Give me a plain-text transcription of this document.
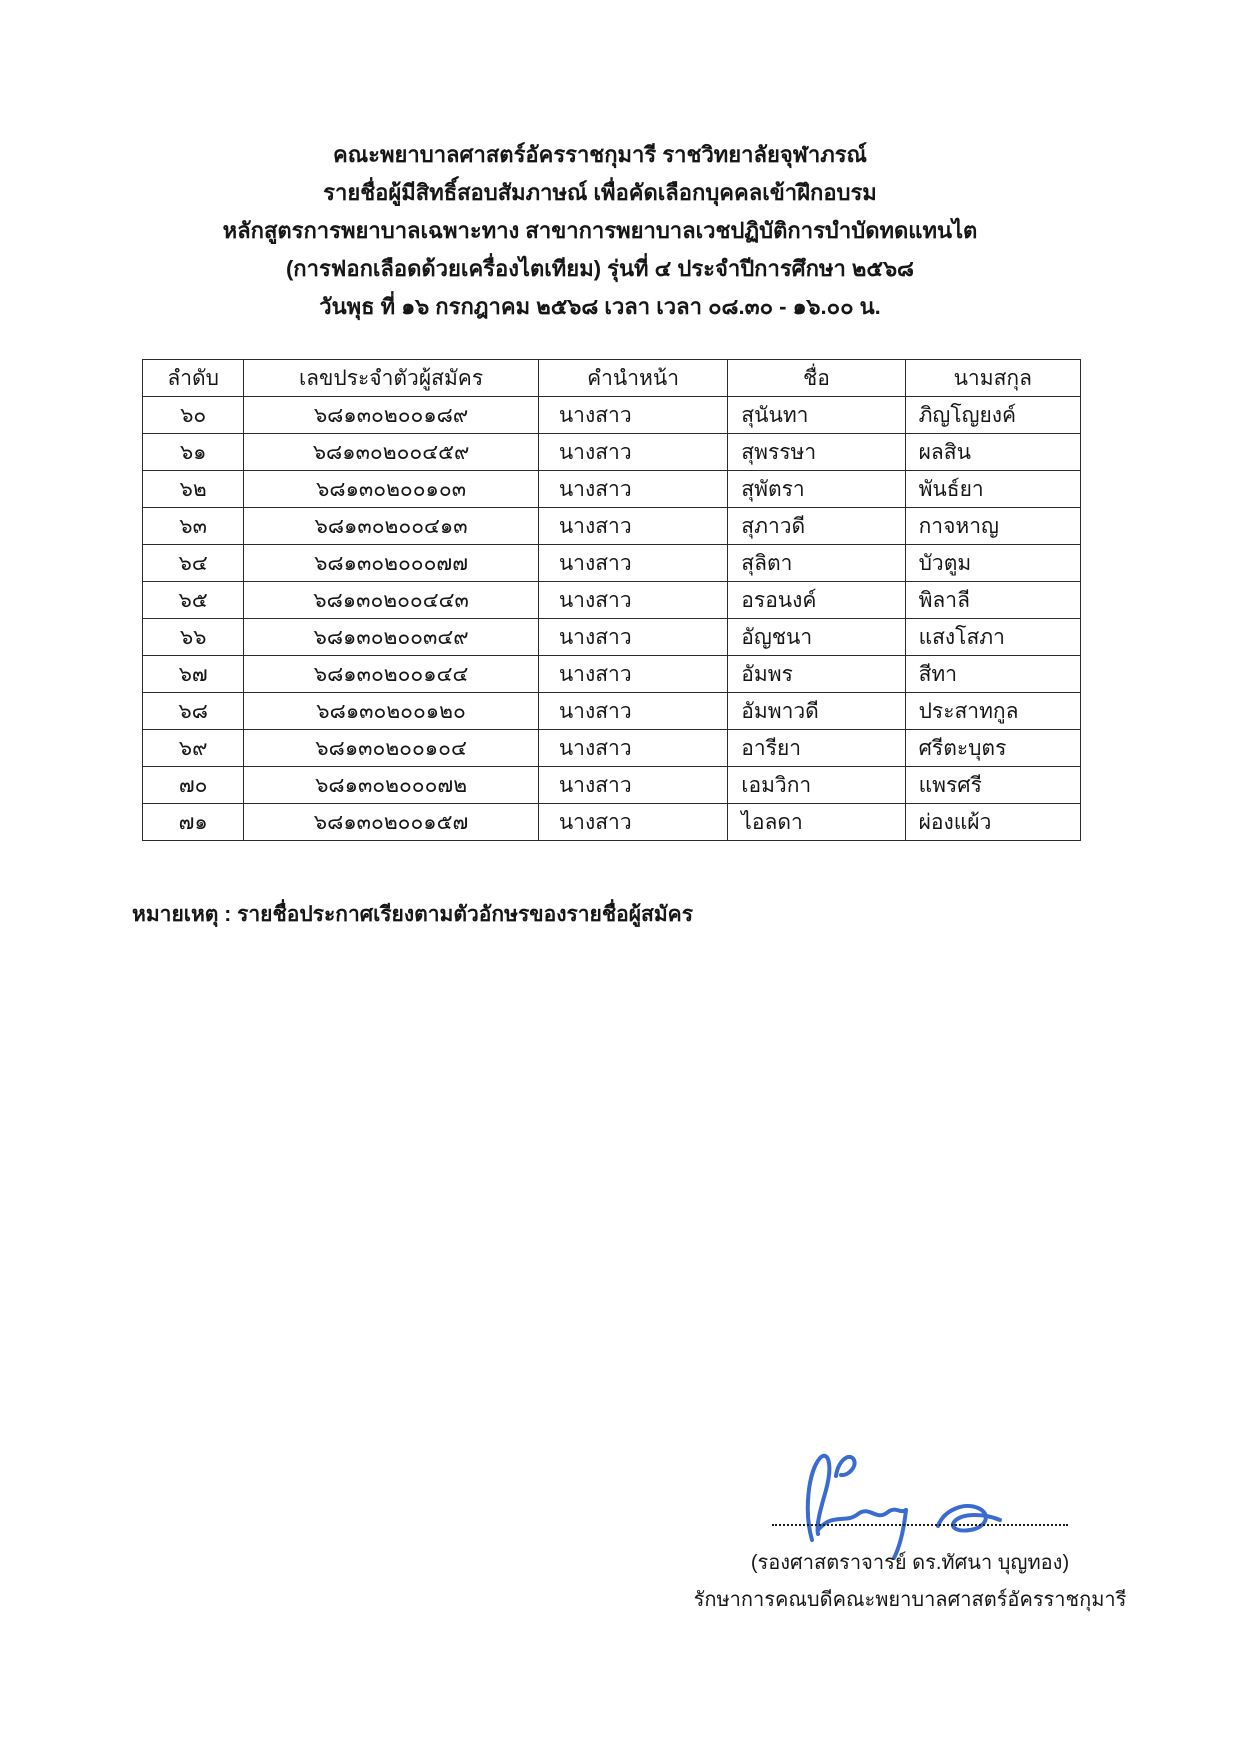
คณะพยาบาลศาสตร์อัครราชกุมารี ราชวิทยาลัยจุฬาภรณ์
รายชื่อผู้มีสิทธิ์สอบสัมภาษณ์ เพื่อคัดเลือกบุคคลเข้าฝึกอบรม
หลักสูตรการพยาบาลเฉพาะทาง สาขาการพยาบาลเวชปฏิบัติการบำบัดทดแทนไต
(การฟอกเลือดด้วยเครื่องไตเทียม) รุ่นที่ ๔ ประจำปีการศึกษา ๒๕๖๘
วันพุธ ที่ ๑๖ กรกฎาคม ๒๕๖๘ เวลา เวลา ๐๘.๓๐ - ๑๖.๐๐ น.
ลำดับ	เลขประจำตัวผู้สมัคร	คำนำหน้า	ชื่อ	นามสกุล
๖๐	๖๘๑๓๐๒๐๐๑๘๙	นางสาว	สุนันทา	ภิญโญยงค์
๖๑	๖๘๑๓๐๒๐๐๔๕๙	นางสาว	สุพรรษา	ผลสิน
๖๒	๖๘๑๓๐๒๐๐๑๐๓	นางสาว	สุพัตรา	พันธ์ยา
๖๓	๖๘๑๓๐๒๐๐๔๑๓	นางสาว	สุภาวดี	กาจหาญ
๖๔	๖๘๑๓๐๒๐๐๐๗๗	นางสาว	สุลิตา	บัวตูม
๖๕	๖๘๑๓๐๒๐๐๔๔๓	นางสาว	อรอนงค์	พิลาลี
๖๖	๖๘๑๓๐๒๐๐๓๔๙	นางสาว	อัญชนา	แสงโสภา
๖๗	๖๘๑๓๐๒๐๐๑๔๔	นางสาว	อัมพร	สีทา
๖๘	๖๘๑๓๐๒๐๐๑๒๐	นางสาว	อัมพาวดี	ประสาทกูล
๖๙	๖๘๑๓๐๒๐๐๑๐๔	นางสาว	อารียา	ศรีตะบุตร
๗๐	๖๘๑๓๐๒๐๐๐๗๒	นางสาว	เอมวิกา	แพรศรี
๗๑	๖๘๑๓๐๒๐๐๑๕๗	นางสาว	ไอลดา	ผ่องแผ้ว

หมายเหตุ : รายชื่อประกาศเรียงตามตัวอักษรของรายชื่อผู้สมัคร

(รองศาสตราจารย์ ดร.ทัศนา บุญทอง)
รักษาการคณบดีคณะพยาบาลศาสตร์อัครราชกุมารี
